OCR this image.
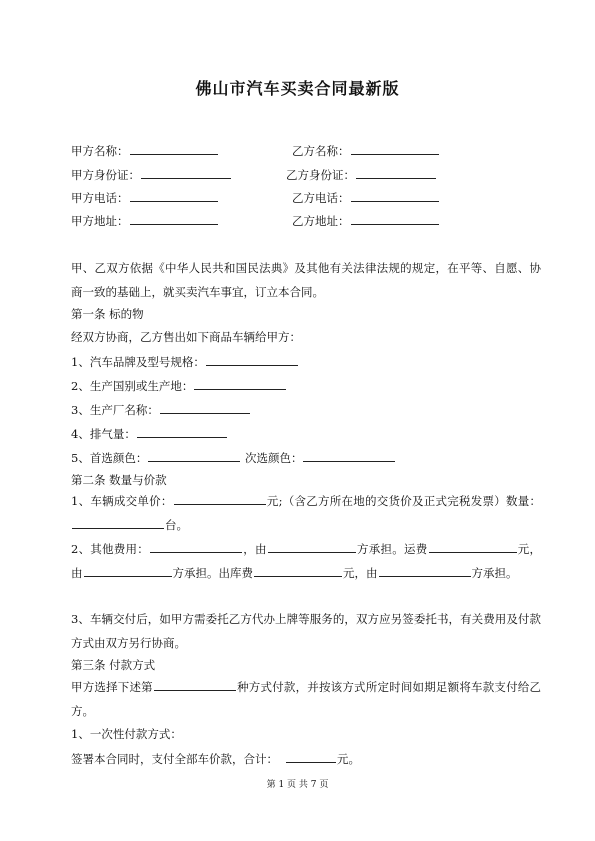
佛山市汽车买卖合同最新版
甲方名称：	乙方名称：
甲方身份证：	乙方身份证：
甲方电话：	乙方电话：
甲方地址：	乙方地址：
甲、乙双方依据《中华人民共和国民法典》及其他有关法律法规的规定，在平等、自愿、协商一致的基础上，就买卖汽车事宜，订立本合同。
第一条 标的物
经双方协商，乙方售出如下商品车辆给甲方：
1、汽车品牌及型号规格：
2、生产国别或生产地：
3、生产厂名称：
4、排气量：
5、首选颜色：	次选颜色：
第二条 数量与价款
1、车辆成交单价：	元;（含乙方所在地的交货价及正式完税发票）数量：台。
2、其他费用：	，由	方承担。运费	元，由	方承担。出库费	元，由	方承担。
3、车辆交付后，如甲方需委托乙方代办上牌等服务的，双方应另签委托书，有关费用及付款方式由双方另行协商。
第三条 付款方式
甲方选择下述第	种方式付款，并按该方式所定时间如期足额将车款支付给乙方。
1、一次性付款方式：
签署本合同时，支付全部车价款，合计：	元。
第 1 页 共 7 页
